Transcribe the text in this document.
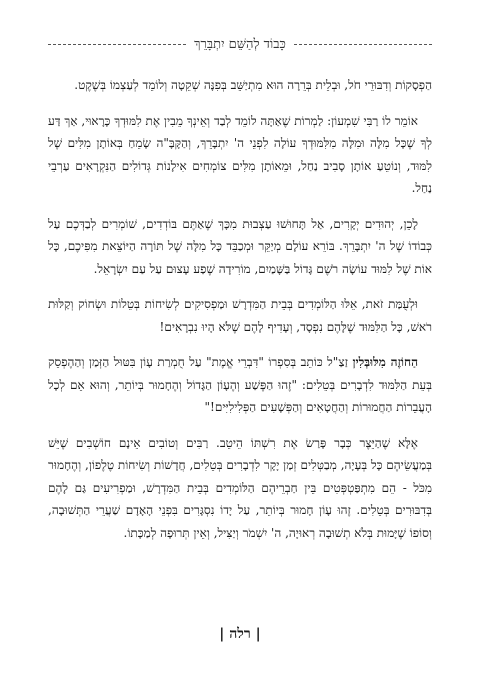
כָּבוֹד לְהַשֵּׁם יִתְבָּרֵךְ

הַפְסָקוֹת וְדִבּוּרֵי חֹל, וּבְלֵית בְּרֵרָה הוּא מִתְיַשֵּׁב בְּפִנָּה שְׁקֵטָה וְלוֹמֵד לְעַצְמוֹ בְּשֶׁקֶט.

אוֹמֵר לוֹ רַבִּי שִׁמְעוֹן: לַמְרוֹת שֶׁאַתָּה לוֹמֵד לְבַד וְאֵינְךָ מֵבִין אֶת לִמּוּדְךָ כָּרָאוּי, אַךְ דַּע לְךָ שֶׁכָּל מִלָּה וּמִלָּה מִלִּמּוּדְךָ עוֹלָה לִפְנֵי ה' יִתְבָּרֵךְ, וְהַקָּבָּ"ה שָׂמֵחַ בְּאוֹתָן מִלִּים שֶׁל לִמּוּד, וְנוֹטֵעַ אוֹתָן סָבִיב נַחַל, וּמֵאוֹתָן מִלִּים צוֹמְחִים אִילָנוֹת גְּדוֹלִים הַנִּקְרָאִים עַרְבֵי נַחַל.

לָכֵן, יְהוּדִים יְקָרִים, אַל תָּחוּשׁוּ עַצְבוּת מִכָּךְ שֶׁאַתֶּם בּוֹדְדִים, שׁוֹמְרִים לְבַדְּכֶם עַל כְּבוֹדוֹ שֶׁל ה' יִתְבָּרֵךְ. בּוֹרֵא עוֹלָם מְיַקֵּר וּמְכַבֵּד כָּל מִלָּה שֶׁל תּוֹרָה הַיּוֹצֵאת מִפִּיכֶם, כָּל אוֹת שֶׁל לִמּוּד עוֹשָׂה רֹשֶׁם גָּדוֹל בַּשָּׁמַיִם, מוֹרִידָה שֶׁפַע עָצוּם עַל עַם יִשְׂרָאֵל.

וּלְעֻמַּת זֹאת, אֵלּוּ הַלּוֹמְדִים בְּבֵית הַמִּדְרָשׁ וּמַפְסִיקִים לְשִׂיחוֹת בְּטֵלוֹת וּשְׂחוֹק וְקַלּוּת רֹאשׁ, כָּל הַלִּמּוּד שֶׁלָּהֶם נִפְסָד, וְעָדִיף לָהֶם שֶׁלֹּא הָיוּ נִבְרָאִים!

הַחוֹזֶה מִלּוּבְּלִין זַצַ"ל כּוֹתֵב בְּסִפְרוֹ "דִּבְרֵי אֱמֶת" עַל חֻמְרַת עָוֹן בִּטּוּל הַזְּמַן וְהַהֶפְסֵק בְּעֵת הַלִּמּוּד לִדְבָרִים בְּטֵלִים: "זֶהוּ הַפֶּשַׁע וְהֶעָוֹן הַגָּדוֹל וְהֶחָמוּר בְּיוֹתֵר, וְהוּא אֵם לְכָל הָעֲבֵרוֹת הַחֲמוּרוֹת וְהַחֲטָאִים וְהַפְּשָׁעִים הַפְּלִילִיִּים!"

אֶלָּא שֶׁהַיֵּצֶר כְּבָר פָּרַשׂ אֶת רִשְׁתּוֹ הֵיטֵב. רַבִּים וְטוֹבִים אֵינָם חוֹשְׁבִים שֶׁיֵּשׁ בְּמַעֲשֵׂיהֶם כָּל בְּעָיָה, מְבַטְּלִים זְמַן יָקָר לִדְבָרִים בְּטֵלִים, חֲדָשׁוֹת וְשִׂיחוֹת טֶלֶפוֹן, וְהֶחָמוּר מִכֹּל - הֵם מִתְפַּטְפְּטִים בֵּין חַבְרֵיהֶם הַלּוֹמְדִים בְּבֵית הַמִּדְרָשׁ, וּמַפְרִיעִים גַּם לָהֶם בְּדִבּוּרִים בְּטֵלִים. זֶהוּ עָוֹן חָמוּר בְּיוֹתֵר, עַל יָדוֹ נִסְגָּרִים בִּפְנֵי הָאָדָם שַׁעֲרֵי הַתְּשׁוּבָה, וְסוֹפוֹ שֶׁיָּמוּת בְּלֹא תְשׁוּבָה רְאוּיָה, ה' יִשְׁמֹר וְיַצִּיל, וְאֵין תְּרוּפָה לְמַכָּתוֹ.

| רלה |
